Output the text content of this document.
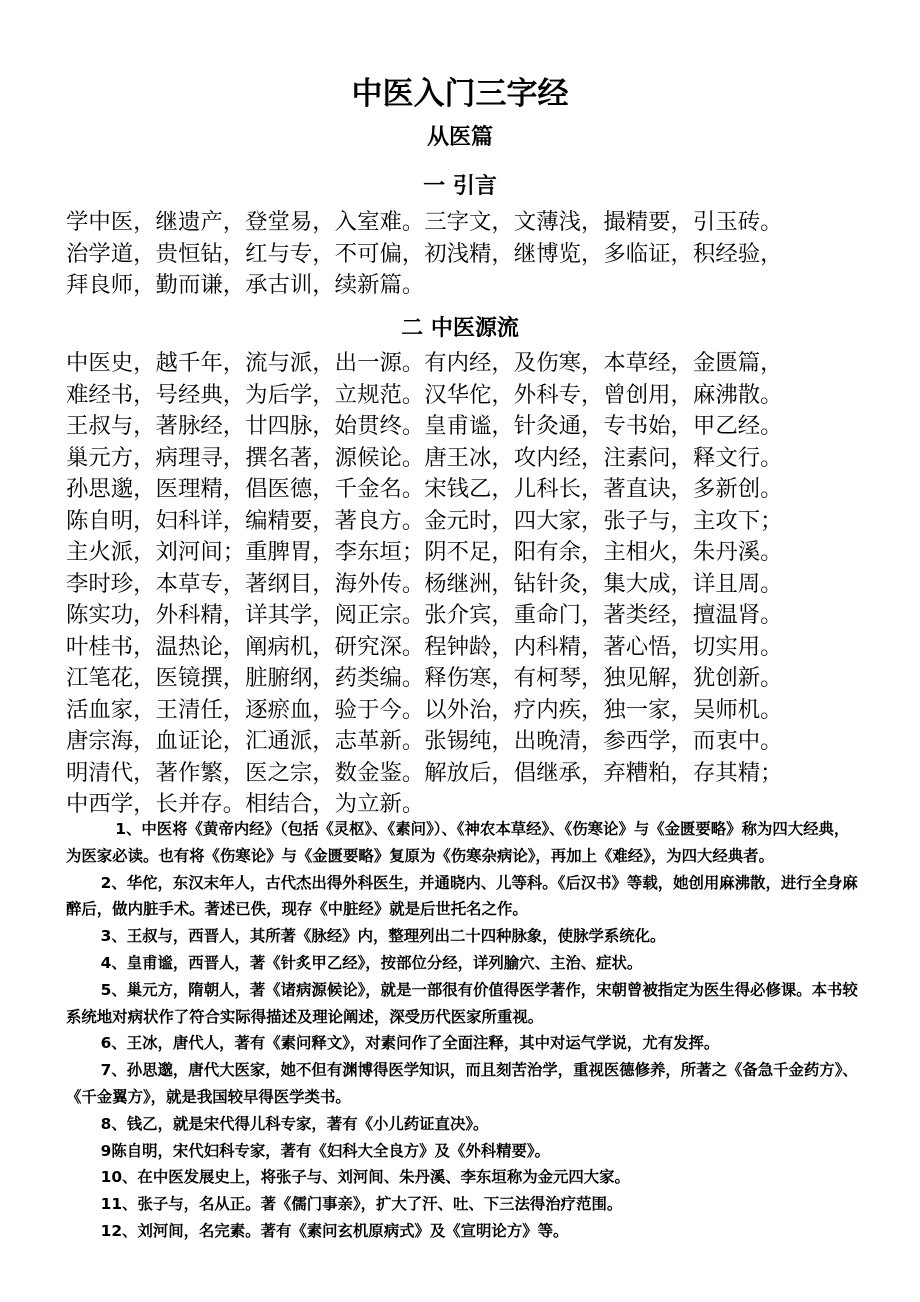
中医入门三字经
从医篇
一 引言
学中医，继遗产，登堂易，入室难。三字文，文薄浅，撮精要，引玉砖。
治学道，贵恒钻，红与专，不可偏，初浅精，继博览，多临证，积经验，
拜良师，勤而谦，承古训，续新篇。
二 中医源流
中医史，越千年，流与派，出一源。有内经，及伤寒，本草经，金匮篇，
难经书，号经典，为后学，立规范。汉华佗，外科专，曾创用，麻沸散。
王叔与，著脉经，廿四脉，始贯终。皇甫谧，针灸通，专书始，甲乙经。
巢元方，病理寻，撰名著，源候论。唐王冰，攻内经，注素问，释文行。
孙思邈，医理精，倡医德，千金名。宋钱乙，儿科长，著直诀，多新创。
陈自明，妇科详，编精要，著良方。金元时，四大家，张子与，主攻下；
主火派，刘河间；重脾胃，李东垣；阴不足，阳有余，主相火，朱丹溪。
李时珍，本草专，著纲目，海外传。杨继洲，钻针灸，集大成，详且周。
陈实功，外科精，详其学，阅正宗。张介宾，重命门，著类经，擅温肾。
叶桂书，温热论，阐病机，研究深。程钟龄，内科精，著心悟，切实用。
江笔花，医镜撰，脏腑纲，药类编。释伤寒，有柯琴，独见解，犹创新。
活血家，王清任，逐瘀血，验于今。以外治，疗内疾，独一家，吴师机。
唐宗海，血证论，汇通派，志革新。张锡纯，出晚清，参西学，而衷中。
明清代，著作繁，医之宗，数金鉴。解放后，倡继承，弃糟粕，存其精；
中西学，长并存。相结合，为立新。
1、中医将《黄帝内经》（包括《灵枢》、《素问》）、《神农本草经》、《伤寒论》与《金匮要略》称为四大经典，为医家必读。也有将《伤寒论》与《金匮要略》复原为《伤寒杂病论》，再加上《难经》，为四大经典者。
2、华佗，东汉末年人，古代杰出得外科医生，并通晓内、儿等科。《后汉书》等载，她创用麻沸散，进行全身麻醉后，做内脏手术。著述已佚，现存《中脏经》就是后世托名之作。
3、王叔与，西晋人，其所著《脉经》内，整理列出二十四种脉象，使脉学系统化。
4、皇甫谧，西晋人，著《针炙甲乙经》，按部位分经，详列腧穴、主治、症状。
5、巢元方，隋朝人，著《诸病源候论》，就是一部很有价值得医学著作，宋朝曾被指定为医生得必修课。本书较系统地对病状作了符合实际得描述及理论阐述，深受历代医家所重视。
6、王冰，唐代人，著有《素问释文》，对素问作了全面注释，其中对运气学说，尤有发挥。
7、孙思邈，唐代大医家，她不但有渊博得医学知识，而且刻苦治学，重视医德修养，所著之《备急千金药方》、《千金翼方》，就是我国较早得医学类书。
8、钱乙，就是宋代得儿科专家，著有《小儿药证直决》。
9陈自明，宋代妇科专家，著有《妇科大全良方》及《外科精要》。
10、在中医发展史上，将张子与、刘河间、朱丹溪、李东垣称为金元四大家。
11、张子与，名从正。著《儒门事亲》，扩大了汗、吐、下三法得治疗范围。
12、刘河间，名完素。著有《素问玄机原病式》及《宣明论方》等。
